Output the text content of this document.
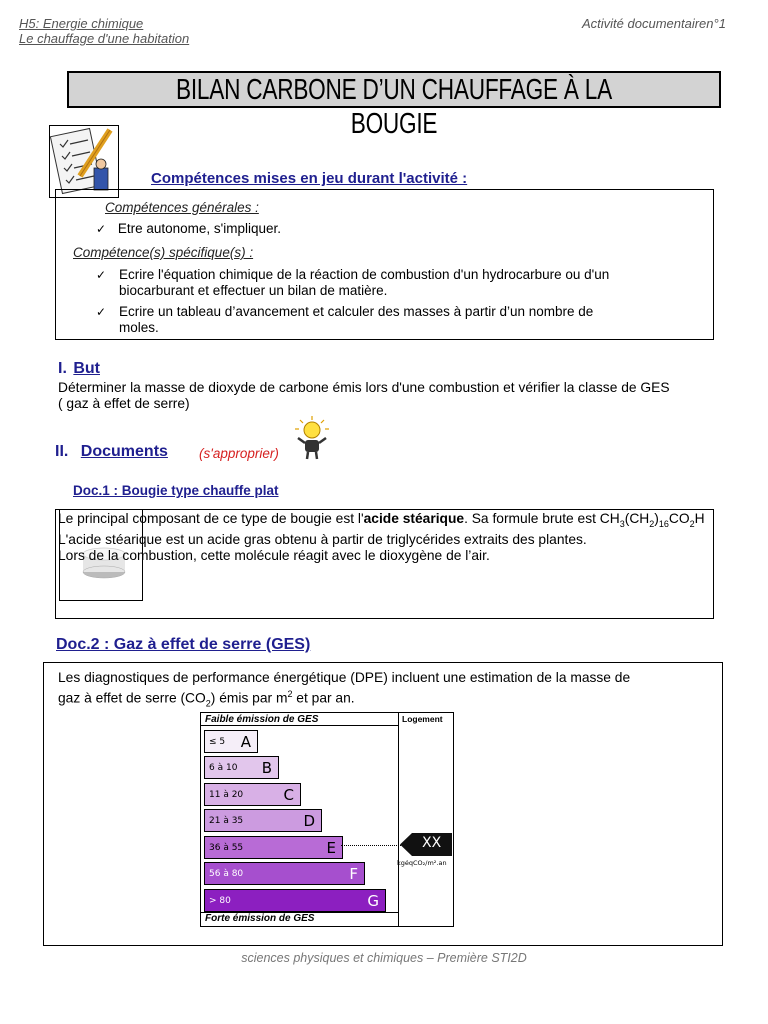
H5: Energie chimique
Le chauffage d'une habitation
Activité documentairen°1
BILAN CARBONE D’UN CHAUFFAGE À LA BOUGIE
Compétences mises en jeu durant l'activité :
Compétences générales :
✓ Etre autonome, s'impliquer.
Compétence(s) spécifique(s) :
✓ Ecrire l'équation chimique de la réaction de combustion d'un hydrocarbure ou d'un
biocarburant et effectuer un bilan de matière.
✓ Ecrire un tableau d’avancement et calculer des masses à partir d’un nombre de
moles.
I. But
Déterminer la masse de dioxyde de carbone émis lors d'une combustion et vérifier la classe de GES
( gaz à effet de serre)
II. Documents (s'approprier)
Doc.1 : Bougie type chauffe plat
Le principal composant de ce type de bougie est l'acide stéarique. Sa formule brute est $CH_3(CH_2)_{16}CO_2H$
L'acide stéarique est un acide gras obtenu à partir de triglycérides extraits des plantes.
Lors de la combustion, cette molécule réagit avec le dioxygène de l’air.
Doc.2 : Gaz à effet de serre (GES)
Les diagnostiques de performance énergétique (DPE) incluent une estimation de la masse de
gaz à effet de serre $(CO_2)$ émis par $m^2$ et par an.
Faible émission de GES	Logement
Forte émission de GES
≤ 5 A
6 à 10 B
11 à 20	C
21 à 35	D
36 à 55	E
56 à 80	F
> 80	G
XX
kgéqCO₂/m².an
sciences physiques et chimiques – Première STI2D
